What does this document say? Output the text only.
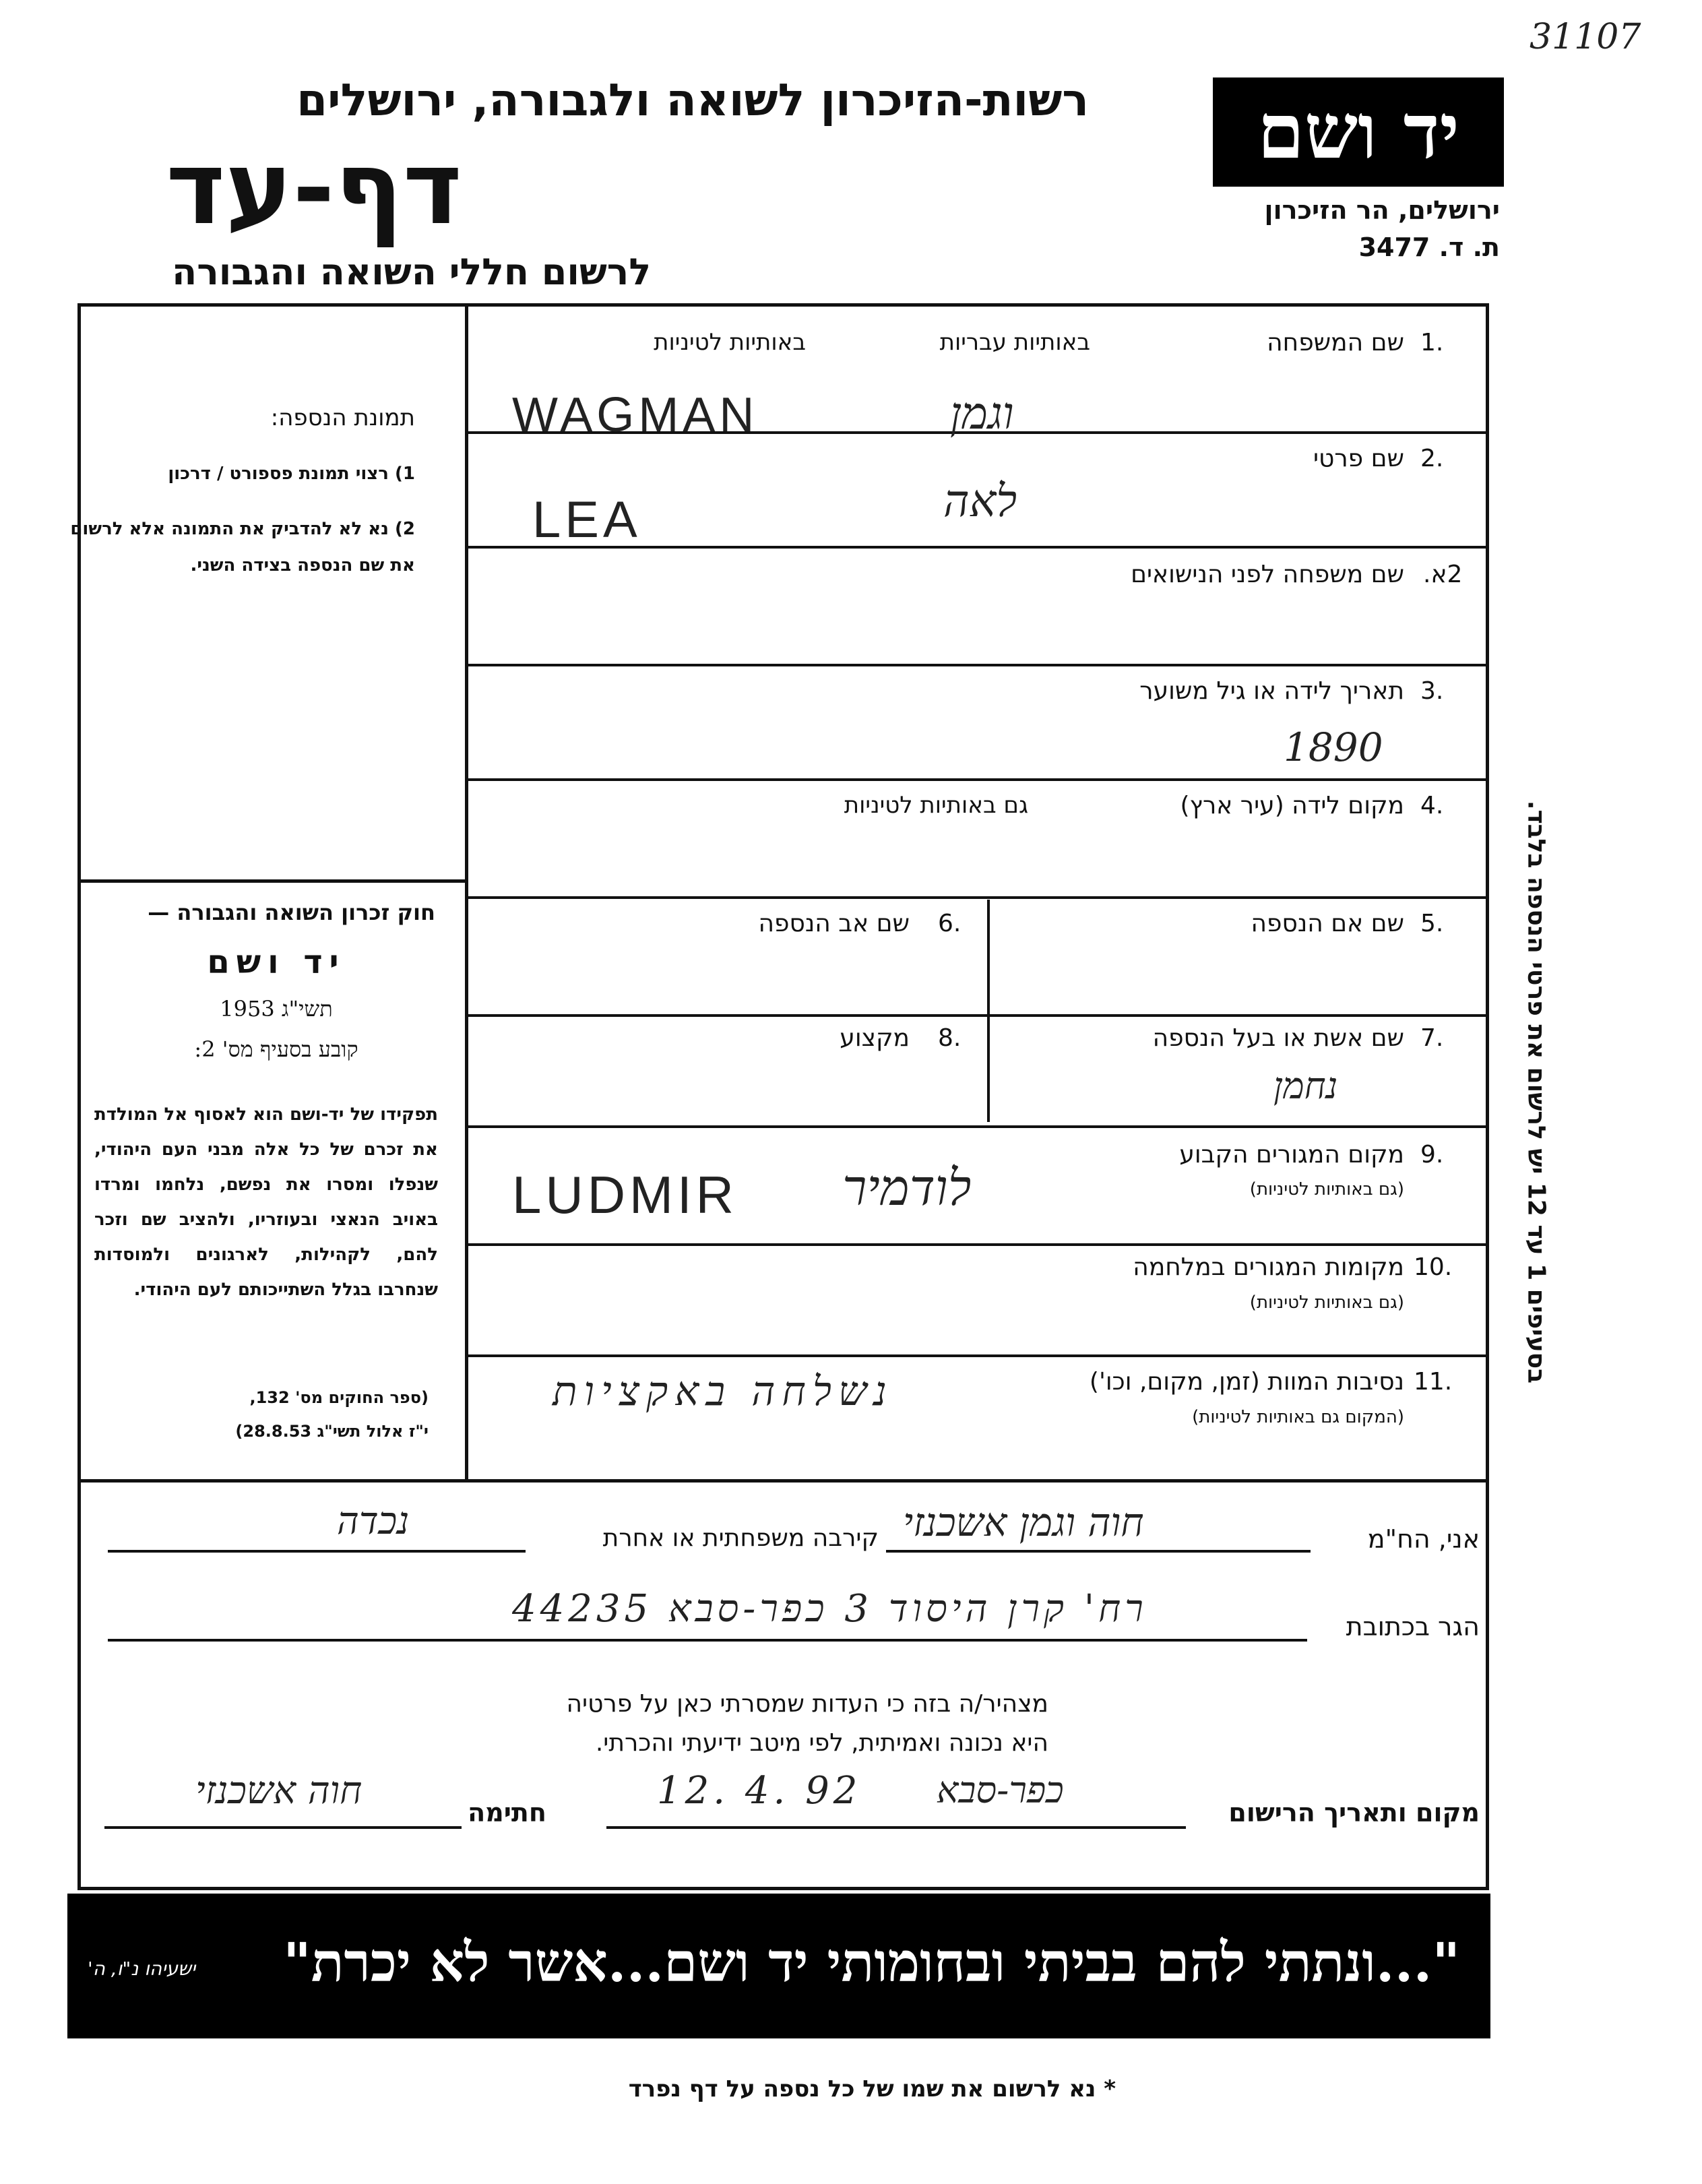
31107
יד ושם
ירושלים, הר הזיכרון
ת. ד. 3477
רשות-הזיכרון לשואה ולגבורה, ירושלים
דף-עד
לרשום חללי השואה והגבורה
בסעיפים 1 עד 12 יש לרשום את פרטי הנספה בלבד.
תמונת הנספה:
1) רצוי תמונת פספורט / דרכון
2) נא לא להדביק את התמונה אלא לרשום את שם הנספה בצידה השני.
חוק זכרון השואה והגבורה —
יד ושם
תשי"ג 1953
קובע בסעיף מס' 2:
תפקידו של יד-ושם הוא לאסוף אל המולדת את זכרם של כל אלה מבני העם היהודי, שנפלו ומסרו את נפשם, נלחמו ומרדו באויב הנאצי ובעוזריו, ולהציב שם וזכר להם, לקהילות, לארגונים ולמוסדות שנחרבו בגלל השתייכותם לעם היהודי.
(ספר החוקים מס' 132,
י"ז אלול תשי"ג 28.8.53)
1.
שם המשפחה
באותיות עבריות
באותיות לטיניות
WAGMAN	וגמן
2.
שם פרטי
LEA	לאה
2א.
שם משפחה לפני הנישואים
3.
תאריך לידה או גיל משוער
1890
4.
מקום לידה (עיר ארץ)
גם באותיות לטיניות
5.
שם אם הנספה
6.
שם אב הנספה
7.
שם אשת או בעל הנספה
נחמן
8.
מקצוע
9.
מקום המגורים הקבוע
(גם באותיות לטיניות)
LUDMIR לודמיר
10.
מקומות המגורים במלחמה
(גם באותיות לטיניות)
11.
נסיבות המוות (זמן, מקום, וכו')
(המקום גם באותיות לטיניות)
נשלחה באקציות
אני, הח"מ
חוה וגמן אשכנזי
קירבה משפחתית או אחרת
נכדה
הגר בכתובת
רח' קרן היסוד 3 כפר-סבא 44235
מצהיר/ה בזה כי העדות שמסרתי כאן על פרטיה
היא נכונה ואמיתית, לפי מיטב ידיעתי והכרתי.
מקום ותאריך הרישום
כפר-סבא
12. 4. 92
חתימה
חוה אשכנזי
"...ונתתי להם בביתי ובחומותי יד ושם...אשר לא יכרת"
ישעיהו נ"ו, ה'
* נא לרשום את שמו של כל נספה על דף נפרד
